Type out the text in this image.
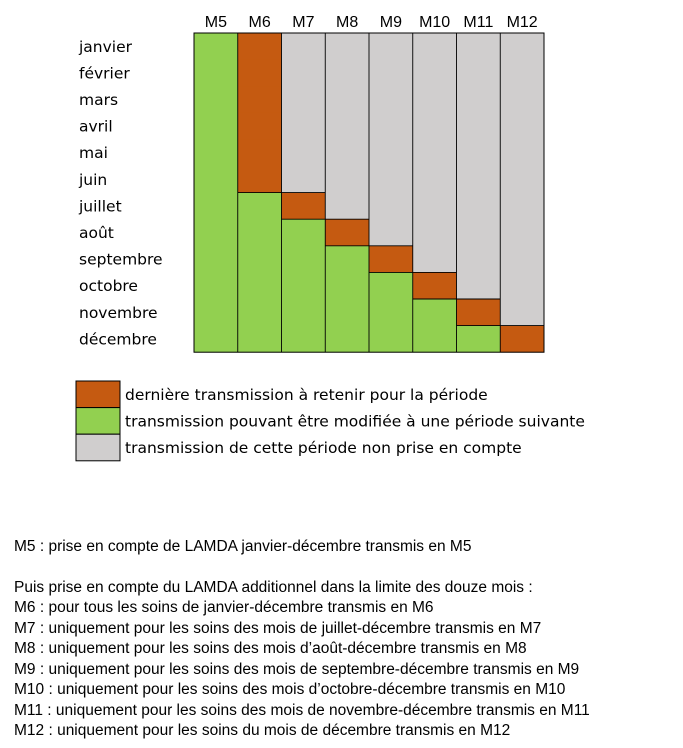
M5 M6 M7 M8 M9 M10 M11 M12
janvier
février
mars
avril
mai
juin
juillet
août
septembre
octobre
novembre
décembre
dernière transmission à retenir pour la période
transmission pouvant être modifiée à une période suivante
transmission de cette période non prise en compte
M5 : prise en compte de LAMDA janvier-décembre transmis en M5
Puis prise en compte du LAMDA additionnel dans la limite des douze mois :
M6 : pour tous les soins de janvier-décembre transmis en M6
M7 : uniquement pour les soins des mois de juillet-décembre transmis en M7
M8 : uniquement pour les soins des mois d’août-décembre transmis en M8
M9 : uniquement pour les soins des mois de septembre-décembre transmis en M9
M10 : uniquement pour les soins des mois d’octobre-décembre transmis en M10
M11 : uniquement pour les soins des mois de novembre-décembre transmis en M11
M12 : uniquement pour les soins du mois de décembre transmis en M12
